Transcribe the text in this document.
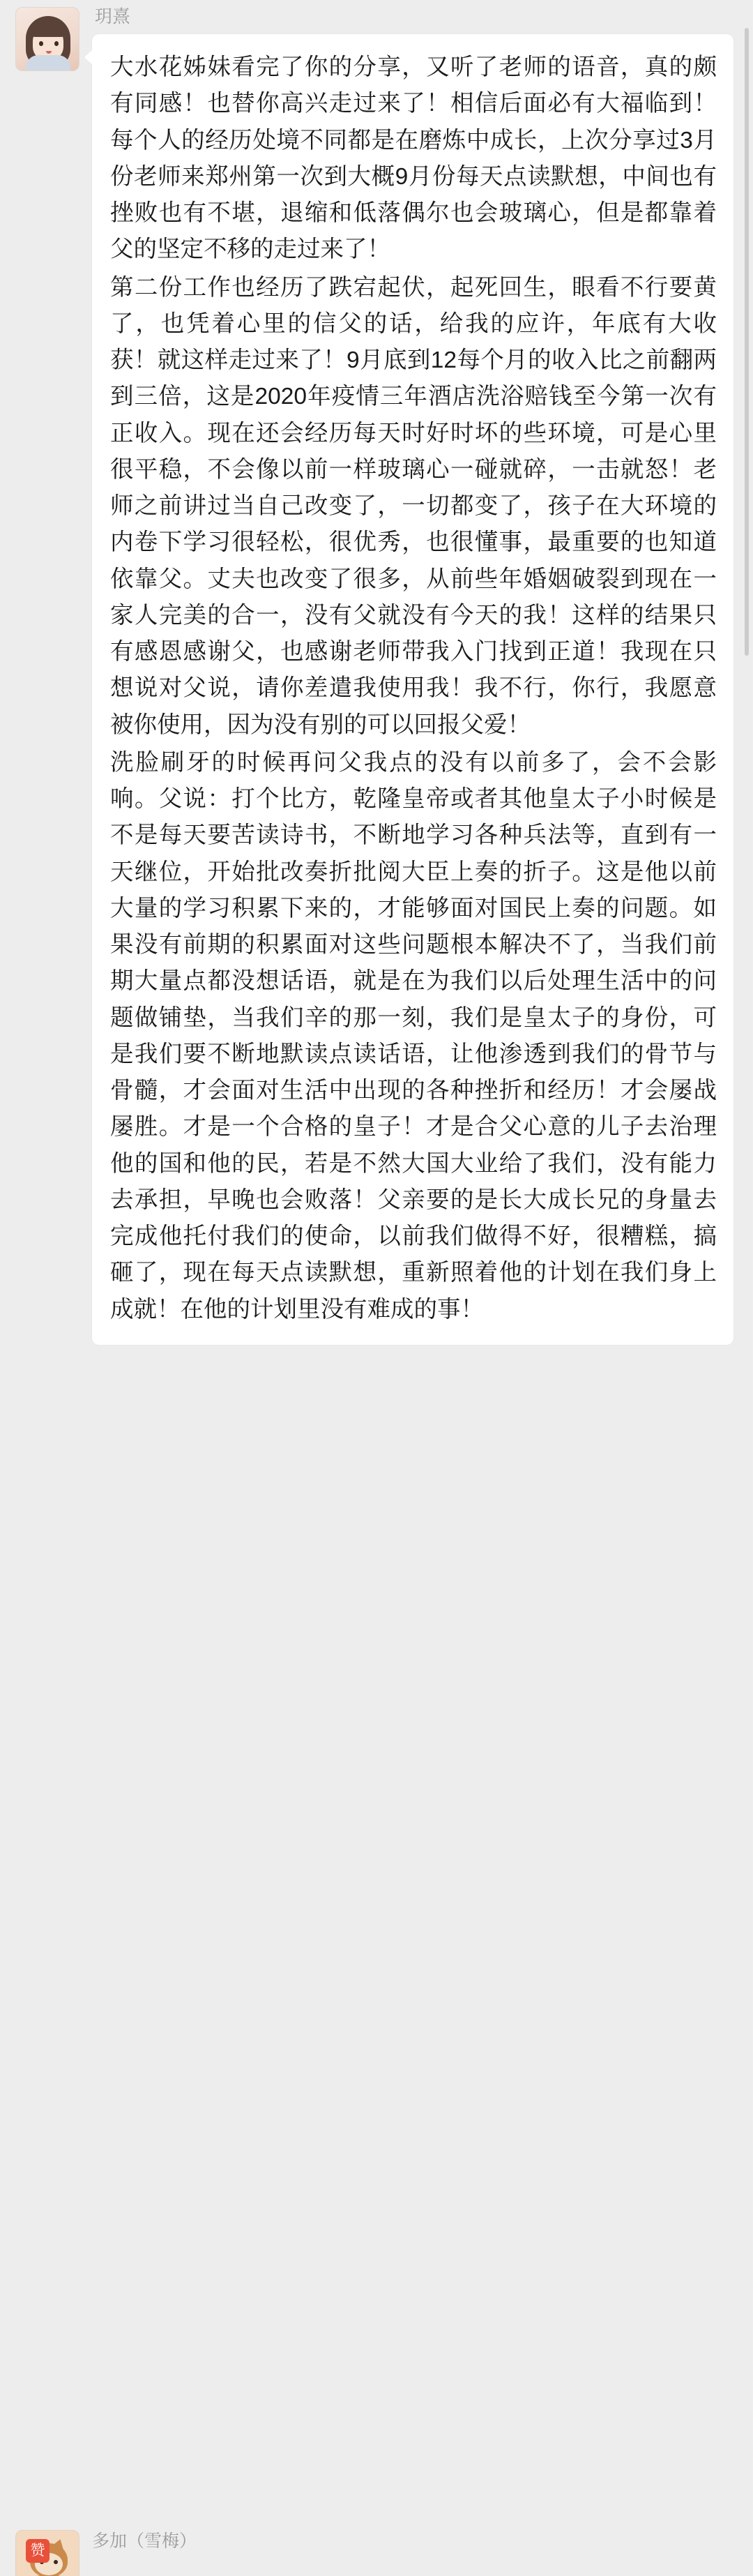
玥熹

大水花姊妹看完了你的分享，又听了老师的语音，真的颇有同感！也替你高兴走过来了！相信后面必有大福临到！每个人的经历处境不同都是在磨炼中成长，上次分享过3月份老师来郑州第一次到大概9月份每天点读默想，中间也有挫败也有不堪，退缩和低落偶尔也会玻璃心，但是都靠着父的坚定不移的走过来了！

第二份工作也经历了跌宕起伏，起死回生，眼看不行要黄了，也凭着心里的信父的话，给我的应许，年底有大收获！就这样走过来了！9月底到12每个月的收入比之前翻两到三倍，这是2020年疫情三年酒店洗浴赔钱至今第一次有正收入。现在还会经历每天时好时坏的些环境，可是心里很平稳，不会像以前一样玻璃心一碰就碎，一击就怒！老师之前讲过当自己改变了，一切都变了，孩子在大环境的内卷下学习很轻松，很优秀，也很懂事，最重要的也知道依靠父。丈夫也改变了很多，从前些年婚姻破裂到现在一家人完美的合一，没有父就没有今天的我！这样的结果只有感恩感谢父，也感谢老师带我入门找到正道！我现在只想说对父说，请你差遣我使用我！我不行，你行，我愿意被你使用，因为没有别的可以回报父爱！

洗脸刷牙的时候再问父我点的没有以前多了，会不会影响。父说：打个比方，乾隆皇帝或者其他皇太子小时候是不是每天要苦读诗书，不断地学习各种兵法等，直到有一天继位，开始批改奏折批阅大臣上奏的折子。这是他以前大量的学习积累下来的，才能够面对国民上奏的问题。如果没有前期的积累面对这些问题根本解决不了，当我们前期大量点都没想话语，就是在为我们以后处理生活中的问题做铺垫，当我们辛的那一刻，我们是皇太子的身份，可是我们要不断地默读点读话语，让他渗透到我们的骨节与骨髓，才会面对生活中出现的各种挫折和经历！才会屡战屡胜。才是一个合格的皇子！才是合父心意的儿子去治理他的国和他的民，若是不然大国大业给了我们，没有能力去承担，早晚也会败落！父亲要的是长大成长兄的身量去完成他托付我们的使命，以前我们做得不好，很糟糕，搞砸了，现在每天点读默想，重新照着他的计划在我们身上成就！在他的计划里没有难成的事！

赞	多加（雪梅）
